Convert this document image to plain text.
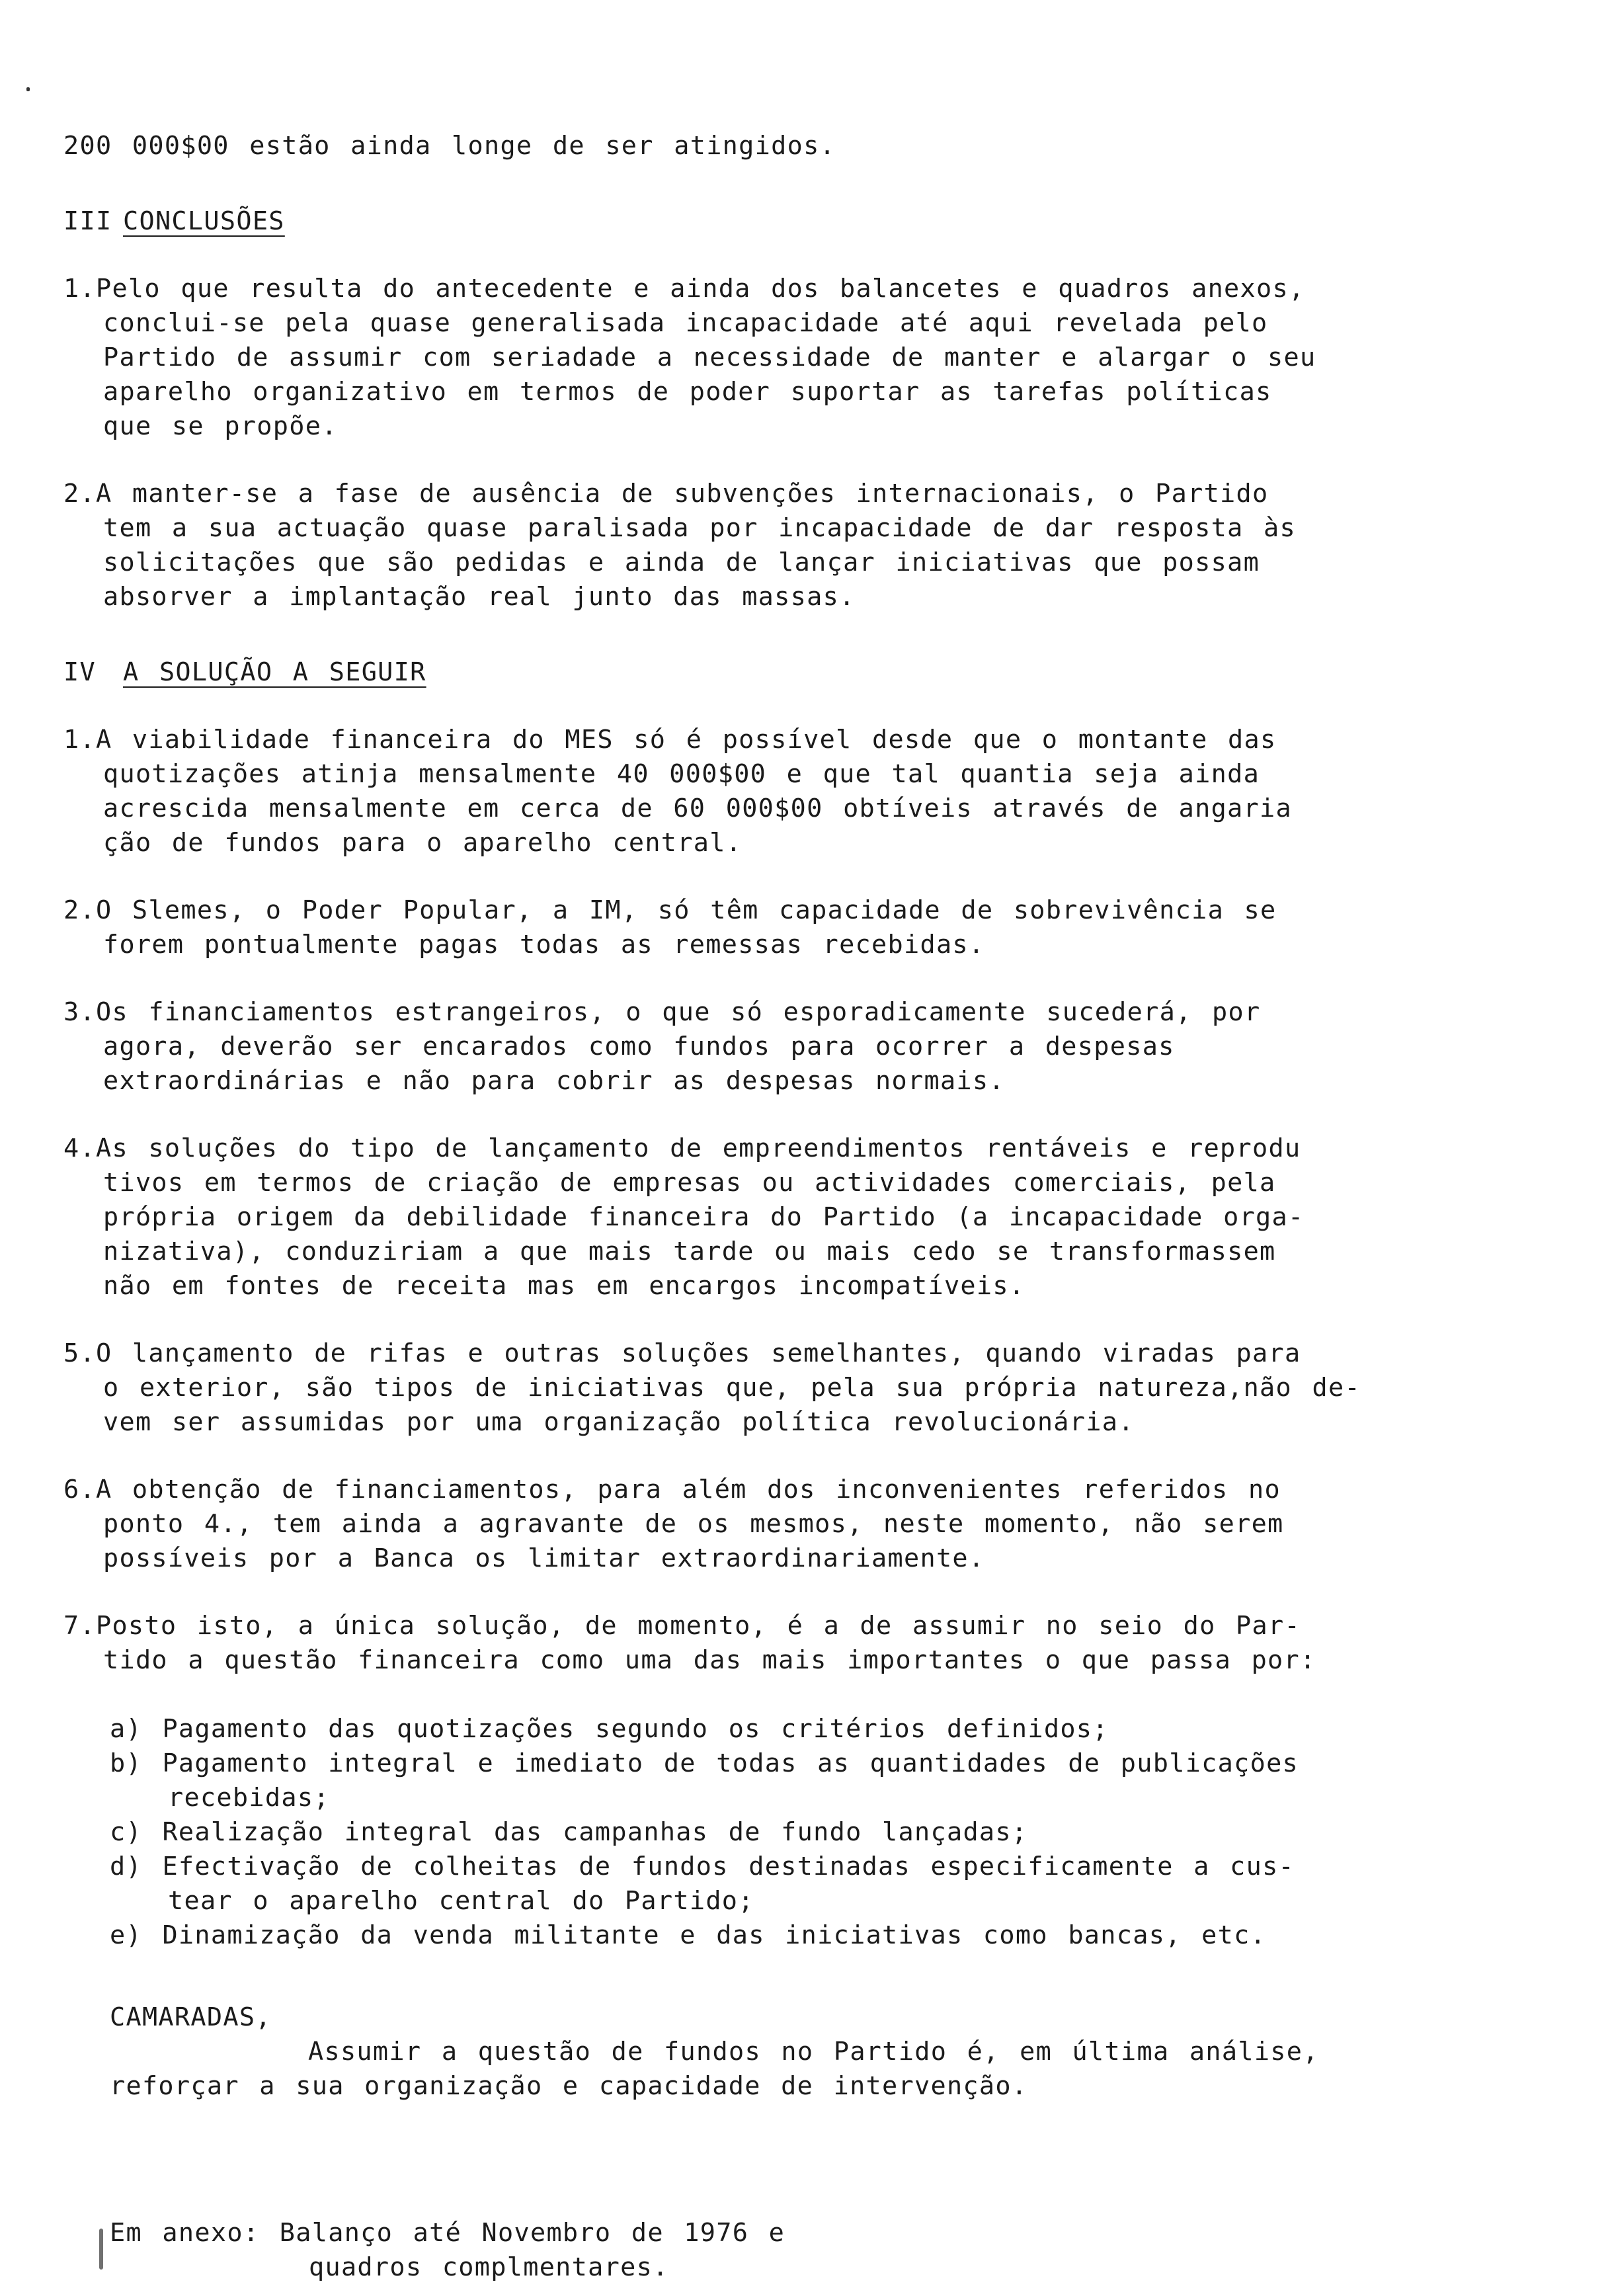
200 000$00 estão ainda longe de ser atingidos.

III CONCLUSÕES

1.Pelo que resulta do antecedente e ainda dos balancetes e quadros anexos,

conclui-se pela quase generalisada incapacidade até aqui revelada pelo

Partido de assumir com seriadade a necessidade de manter e alargar o seu

aparelho organizativo em termos de poder suportar as tarefas políticas

que se propõe.

2.A manter-se a fase de ausência de subvenções internacionais, o Partido

tem a sua actuação quase paralisada por incapacidade de dar resposta às

solicitações que são pedidas e ainda de lançar iniciativas que possam

absorver a implantação real junto das massas.

IV A SOLUÇÃO A SEGUIR

1.A viabilidade financeira do MES só é possível desde que o montante das

quotizações atinja mensalmente 40 000$00 e que tal quantia seja ainda

acrescida mensalmente em cerca de 60 000$00 obtíveis através de angaria

ção de fundos para o aparelho central.

2.O Slemes, o Poder Popular, a IM, só têm capacidade de sobrevivência se

forem pontualmente pagas todas as remessas recebidas.

3.Os financiamentos estrangeiros, o que só esporadicamente sucederá, por

agora, deverão ser encarados como fundos para ocorrer a despesas

extraordinárias e não para cobrir as despesas normais.

4.As soluções do tipo de lançamento de empreendimentos rentáveis e reprodu

tivos em termos de criação de empresas ou actividades comerciais, pela

própria origem da debilidade financeira do Partido (a incapacidade orga-

nizativa), conduziriam a que mais tarde ou mais cedo se transformassem

não em fontes de receita mas em encargos incompatíveis.

5.O lançamento de rifas e outras soluções semelhantes, quando viradas para

o exterior, são tipos de iniciativas que, pela sua própria natureza,não de-

vem ser assumidas por uma organização política revolucionária.

6.A obtenção de financiamentos, para além dos inconvenientes referidos no

ponto 4., tem ainda a agravante de os mesmos, neste momento, não serem

possíveis por a Banca os limitar extraordinariamente.

7.Posto isto, a única solução, de momento, é a de assumir no seio do Par-

tido a questão financeira como uma das mais importantes o que passa por:

a) Pagamento das quotizações segundo os critérios definidos;

b) Pagamento integral e imediato de todas as quantidades de publicações

recebidas;

c) Realização integral das campanhas de fundo lançadas;

d) Efectivação de colheitas de fundos destinadas especificamente a cus-

tear o aparelho central do Partido;

e) Dinamização da venda militante e das iniciativas como bancas, etc.

CAMARADAS,

Assumir a questão de fundos no Partido é, em última análise,

reforçar a sua organização e capacidade de intervenção.

Em anexo: Balanço até Novembro de 1976 e

quadros complmentares.
